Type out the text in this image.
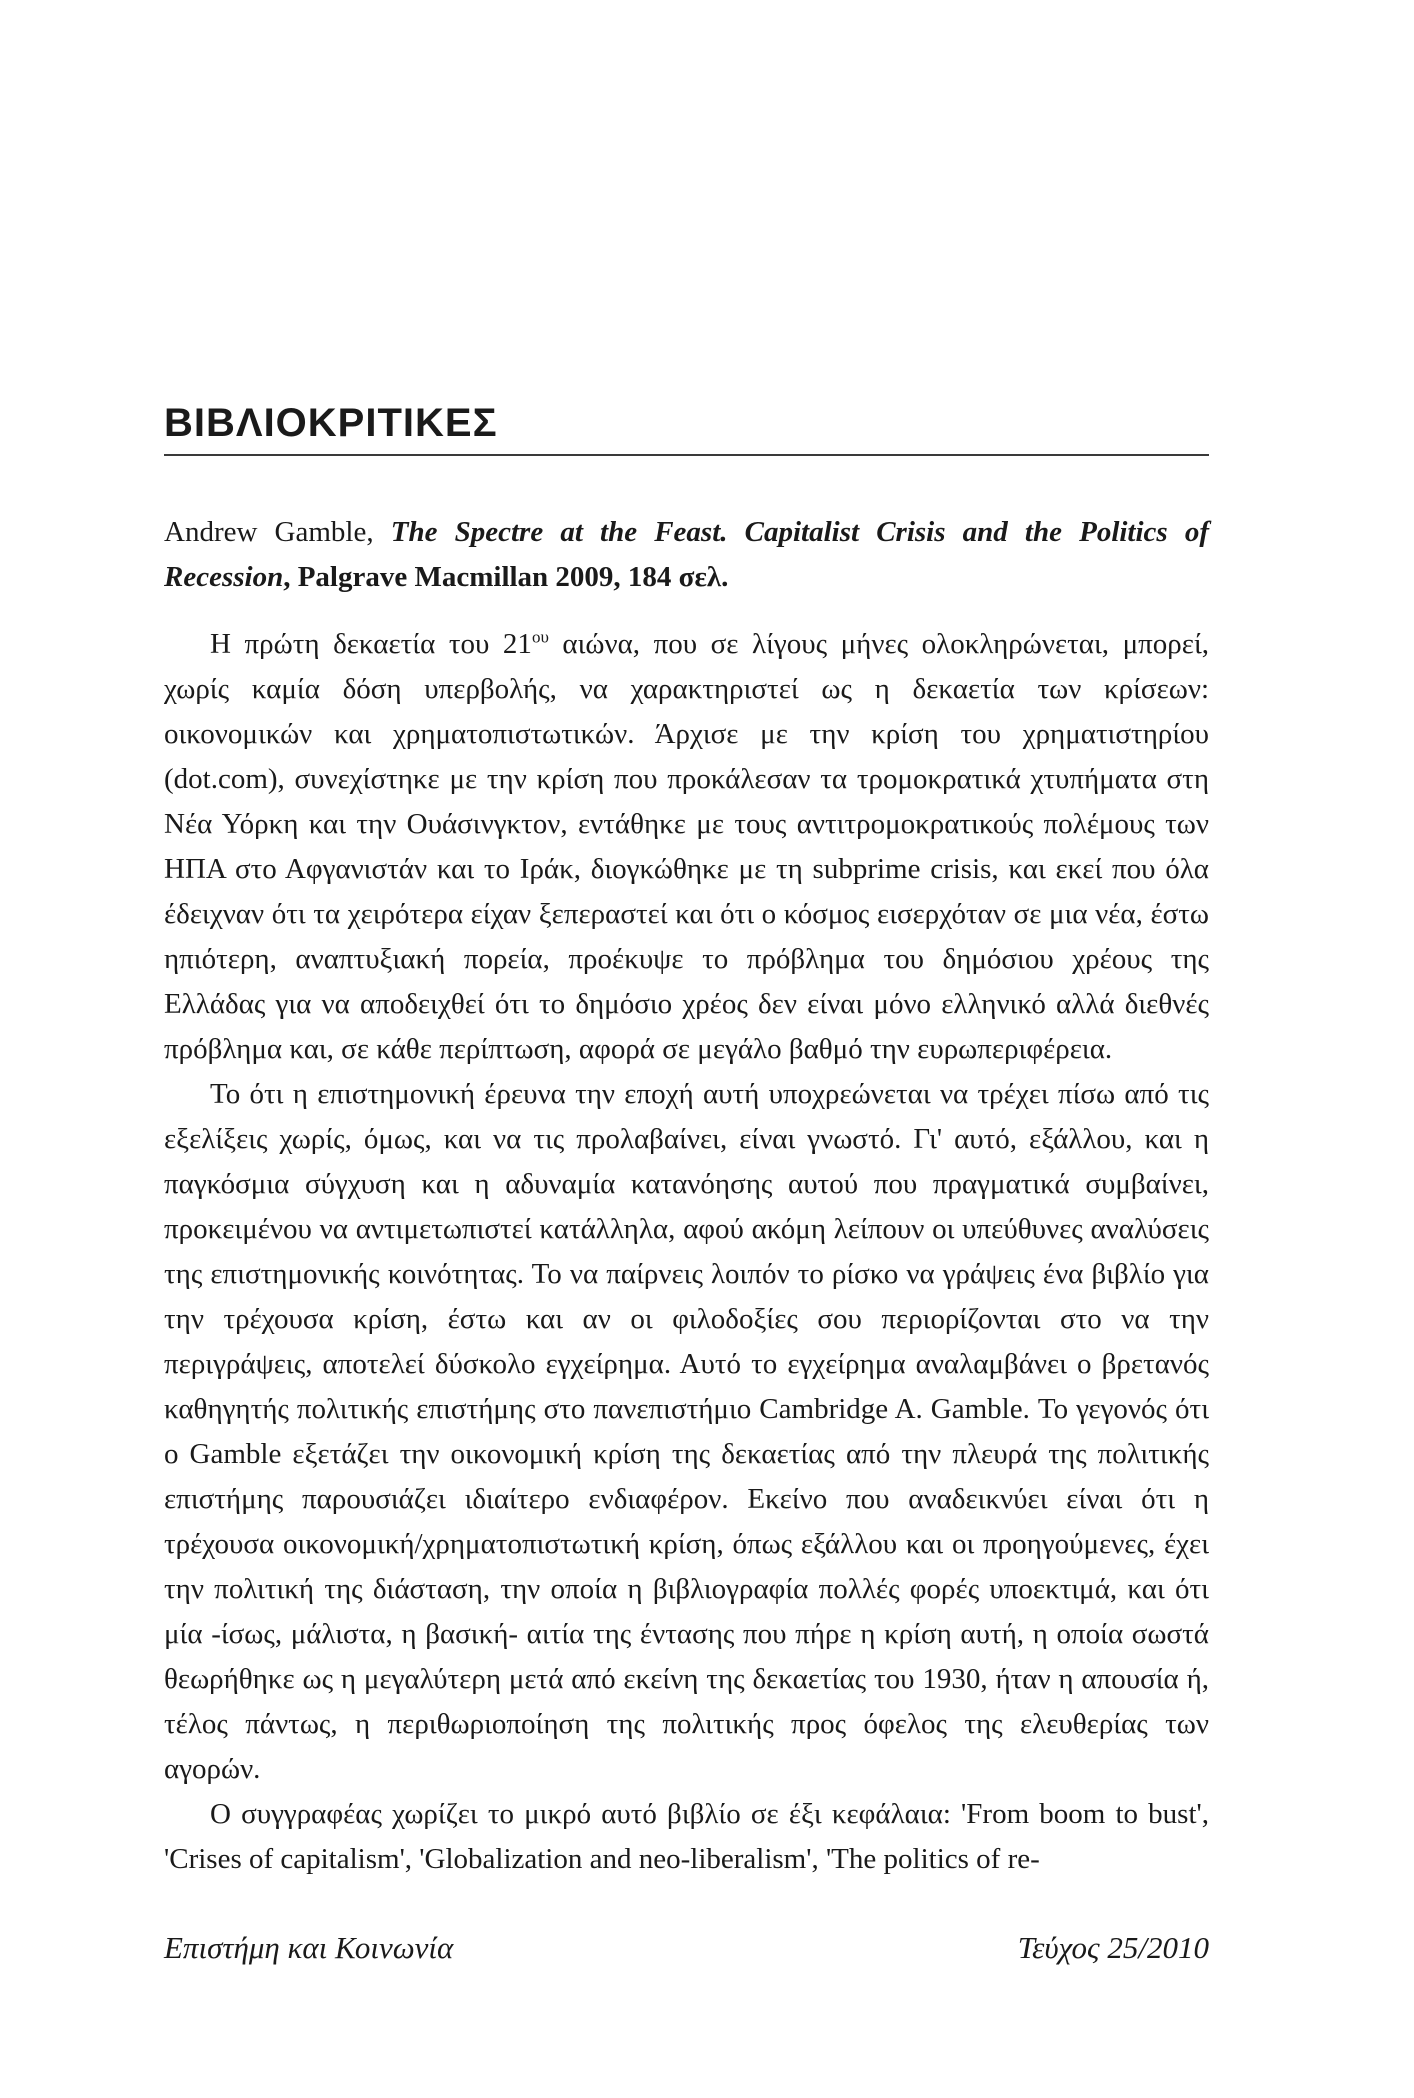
ΒΙΒΛΙΟΚΡΙΤΙΚΕΣ

Andrew Gamble, The Spectre at the Feast. Capitalist Crisis and the Politics of Recession, Palgrave Macmillan 2009, 184 σελ.

Η πρώτη δεκαετία του $21^{o\upsilon}$ αιώνα, που σε λίγους μήνες ολοκληρώνεται, μπορεί, χωρίς καμία δόση υπερβολής, να χαρακτηριστεί ως η δεκαετία των κρίσεων: οικονομικών και χρηματοπιστωτικών. Άρχισε με την κρίση του χρηματιστηρίου (dot.com), συνεχίστηκε με την κρίση που προκάλεσαν τα τρομοκρατικά χτυπήματα στη Νέα Υόρκη και την Ουάσινγκτον, εντάθηκε με τους αντιτρομοκρατικούς πολέμους των ΗΠΑ στο Αφγανιστάν και το Ιράκ, διογκώθηκε με τη subprime crisis, και εκεί που όλα έδειχναν ότι τα χειρότερα είχαν ξεπεραστεί και ότι ο κόσμος εισερχόταν σε μια νέα, έστω ηπιότερη, αναπτυξιακή πορεία, προέκυψε το πρόβλημα του δημόσιου χρέους της Ελλάδας για να αποδειχθεί ότι το δημόσιο χρέος δεν είναι μόνο ελληνικό αλλά διεθνές πρόβλημα και, σε κάθε περίπτωση, αφορά σε μεγάλο βαθμό την ευρωπεριφέρεια.

Το ότι η επιστημονική έρευνα την εποχή αυτή υποχρεώνεται να τρέχει πίσω από τις εξελίξεις χωρίς, όμως, και να τις προλαβαίνει, είναι γνωστό. Γι' αυτό, εξάλλου, και η παγκόσμια σύγχυση και η αδυναμία κατανόησης αυτού που πραγματικά συμβαίνει, προκειμένου να αντιμετωπιστεί κατάλληλα, αφού ακόμη λείπουν οι υπεύθυνες αναλύσεις της επιστημονικής κοινότητας. Το να παίρνεις λοιπόν το ρίσκο να γράψεις ένα βιβλίο για την τρέχουσα κρίση, έστω και αν οι φιλοδοξίες σου περιορίζονται στο να την περιγράψεις, αποτελεί δύσκολο εγχείρημα. Αυτό το εγχείρημα αναλαμβάνει ο βρετανός καθηγητής πολιτικής επιστήμης στο πανεπιστήμιο Cambridge A. Gamble. Το γεγονός ότι ο Gamble εξετάζει την οικονομική κρίση της δεκαετίας από την πλευρά της πολιτικής επιστήμης παρουσιάζει ιδιαίτερο ενδιαφέρον. Εκείνο που αναδεικνύει είναι ότι η τρέχουσα οικονομική/χρηματοπιστωτική κρίση, όπως εξάλλου και οι προηγούμενες, έχει την πολιτική της διάσταση, την οποία η βιβλιογραφία πολλές φορές υποεκτιμά, και ότι μία -ίσως, μάλιστα, η βασική- αιτία της έντασης που πήρε η κρίση αυτή, η οποία σωστά θεωρήθηκε ως η μεγαλύτερη μετά από εκείνη της δεκαετίας του 1930, ήταν η απουσία ή, τέλος πάντως, η περιθωριοποίηση της πολιτικής προς όφελος της ελευθερίας των αγορών.

Ο συγγραφέας χωρίζει το μικρό αυτό βιβλίο σε έξι κεφάλαια: 'From boom to bust', 'Crises of capitalism', 'Globalization and neo-liberalism', 'The politics of re-

Επιστήμη και Κοινωνία	Τεύχος 25/2010
